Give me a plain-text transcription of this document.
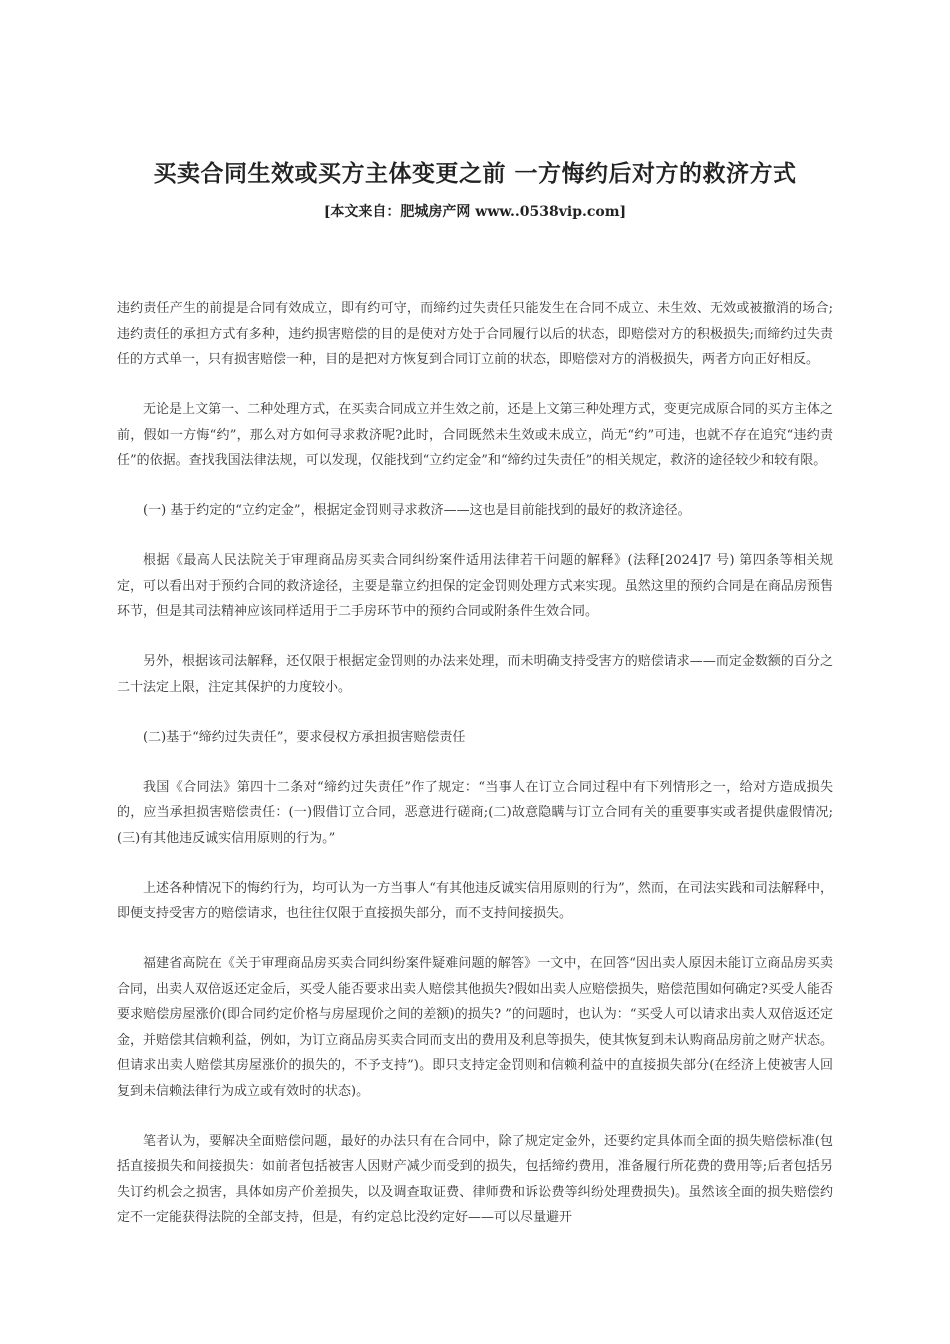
买卖合同生效或买方主体变更之前 一方悔约后对方的救济方式

[本文来自：肥城房产网 www..0538vip.com]

违约责任产生的前提是合同有效成立，即有约可守，而缔约过失责任只能发生在合同不成立、未生效、无效或被撤消的场合;违约责任的承担方式有多种，违约损害赔偿的目的是使对方处于合同履行以后的状态，即赔偿对方的积极损失;而缔约过失责任的方式单一，只有损害赔偿一种，目的是把对方恢复到合同订立前的状态，即赔偿对方的消极损失，两者方向正好相反。

无论是上文第一、二种处理方式，在买卖合同成立并生效之前，还是上文第三种处理方式，变更完成原合同的买方主体之前，假如一方悔“约”，那么对方如何寻求救济呢?此时，合同既然未生效或未成立，尚无“约”可违，也就不存在追究“违约责任”的依据。查找我国法律法规，可以发现，仅能找到“立约定金”和“缔约过失责任”的相关规定，救济的途径较少和较有限。

(一) 基于约定的“立约定金”，根据定金罚则寻求救济——这也是目前能找到的最好的救济途径。

根据《最高人民法院关于审理商品房买卖合同纠纷案件适用法律若干问题的解释》(法释[2024]7 号) 第四条等相关规定，可以看出对于预约合同的救济途径，主要是靠立约担保的定金罚则处理方式来实现。虽然这里的预约合同是在商品房预售环节，但是其司法精神应该同样适用于二手房环节中的预约合同或附条件生效合同。

另外，根据该司法解释，还仅限于根据定金罚则的办法来处理，而未明确支持受害方的赔偿请求——而定金数额的百分之二十法定上限，注定其保护的力度较小。

(二)基于“缔约过失责任”，要求侵权方承担损害赔偿责任

我国《合同法》第四十二条对“缔约过失责任”作了规定：“当事人在订立合同过程中有下列情形之一，给对方造成损失的，应当承担损害赔偿责任：(一)假借订立合同，恶意进行磋商;(二)故意隐瞒与订立合同有关的重要事实或者提供虚假情况;(三)有其他违反诚实信用原则的行为。”

上述各种情况下的悔约行为，均可认为一方当事人“有其他违反诚实信用原则的行为”，然而，在司法实践和司法解释中，即便支持受害方的赔偿请求，也往往仅限于直接损失部分，而不支持间接损失。

福建省高院在《关于审理商品房买卖合同纠纷案件疑难问题的解答》一文中，在回答“因出卖人原因未能订立商品房买卖合同，出卖人双倍返还定金后，买受人能否要求出卖人赔偿其他损失?假如出卖人应赔偿损失，赔偿范围如何确定?买受人能否要求赔偿房屋涨价(即合同约定价格与房屋现价之间的差额)的损失? ”的问题时，也认为：“买受人可以请求出卖人双倍返还定金，并赔偿其信赖利益，例如，为订立商品房买卖合同而支出的费用及利息等损失，使其恢复到未认购商品房前之财产状态。但请求出卖人赔偿其房屋涨价的损失的，不予支持”)。即只支持定金罚则和信赖利益中的直接损失部分(在经济上使被害人回复到未信赖法律行为成立或有效时的状态)。

笔者认为，要解决全面赔偿问题，最好的办法只有在合同中，除了规定定金外，还要约定具体而全面的损失赔偿标准(包括直接损失和间接损失：如前者包括被害人因财产减少而受到的损失，包括缔约费用，准备履行所花费的费用等;后者包括另失订约机会之损害，具体如房产价差损失，以及调查取证费、律师费和诉讼费等纠纷处理费损失)。虽然该全面的损失赔偿约定不一定能获得法院的全部支持，但是，有约定总比没约定好——可以尽量避开
